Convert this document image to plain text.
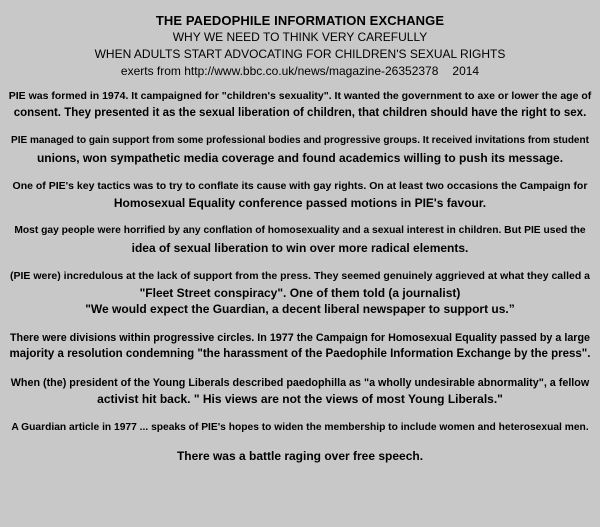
THE PAEDOPHILE INFORMATION EXCHANGE
WHY WE NEED TO THINK VERY CAREFULLY
WHEN ADULTS START ADVOCATING FOR CHILDREN'S SEXUAL RIGHTS
exerts from http://www.bbc.co.uk/news/magazine-26352378 2014

PIE was formed in 1974. It campaigned for "children's sexuality". It wanted the government to axe or lower the age of
consent. They presented it as the sexual liberation of children, that children should have the right to sex.

PIE managed to gain support from some professional bodies and progressive groups. It received invitations from student
unions, won sympathetic media coverage and found academics willing to push its message.

One of PIE's key tactics was to try to conflate its cause with gay rights. On at least two occasions the Campaign for
Homosexual Equality conference passed motions in PIE's favour.

Most gay people were horrified by any conflation of homosexuality and a sexual interest in children. But PIE used the
idea of sexual liberation to win over more radical elements.

(PIE were) incredulous at the lack of support from the press. They seemed genuinely aggrieved at what they called a
"Fleet Street conspiracy". One of them told (a journalist)
"We would expect the Guardian, a decent liberal newspaper to support us.”

There were divisions within progressive circles. In 1977 the Campaign for Homosexual Equality passed by a large
majority a resolution condemning "the harassment of the Paedophile Information Exchange by the press".

When (the) president of the Young Liberals described paedophilla as "a wholly undesirable abnormality", a fellow
activist hit back. " His views are not the views of most Young Liberals."

A Guardian article in 1977 ... speaks of PIE's hopes to widen the membership to include women and heterosexual men.

There was a battle raging over free speech.
